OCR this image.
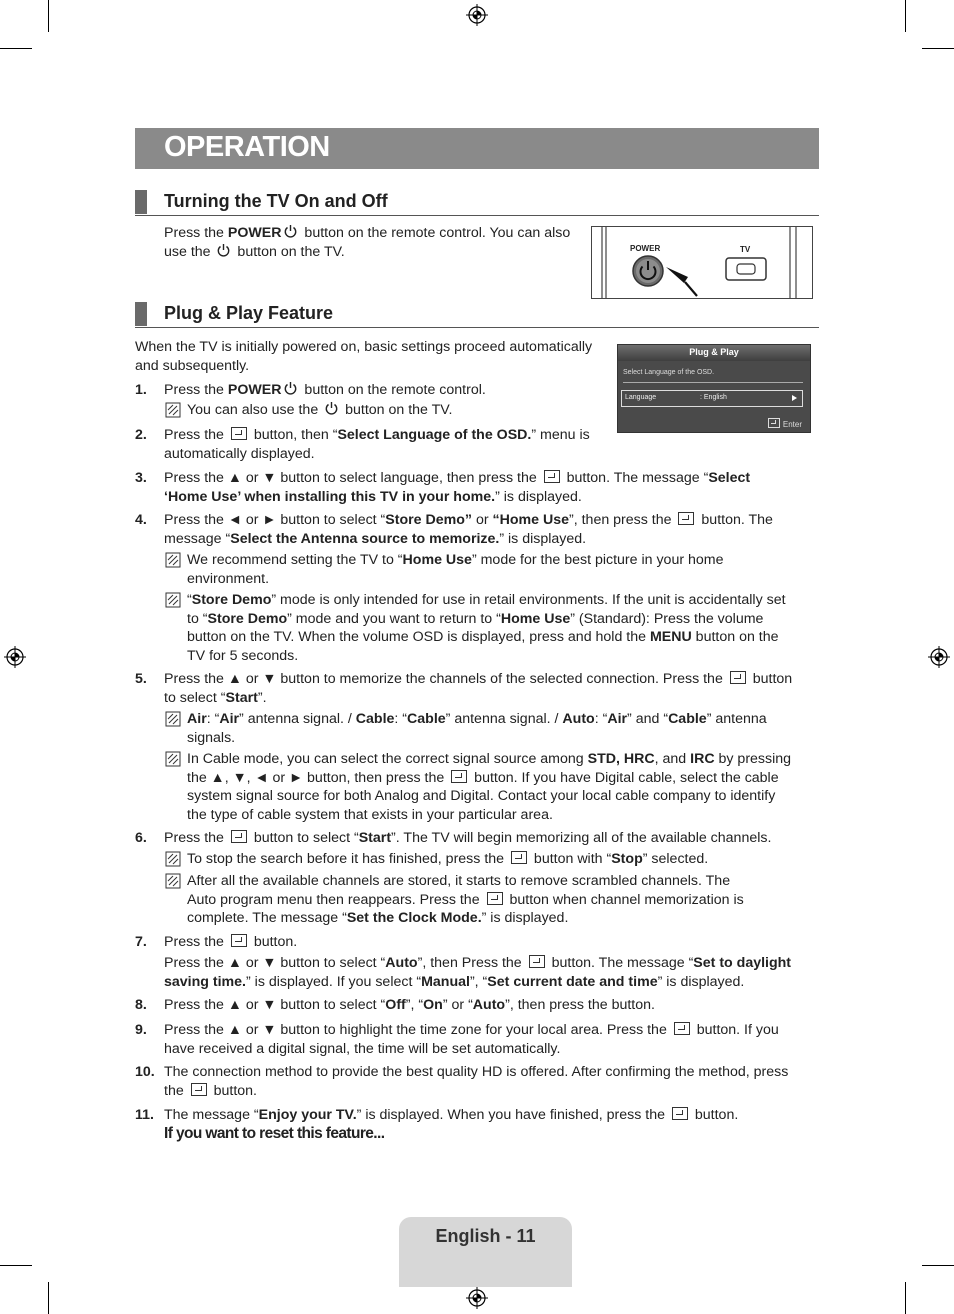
OPERATION
Turning the TV On and Off
Press the POWER button on the remote control. You can also
use the  button on the TV.	POWER	TV
Plug & Play Feature
Plug & Play
Select Language of the OSD.
Language	: English
Enter
When the TV is initially powered on, basic settings proceed automatically
and subsequently.
1. Press the POWER button on the remote control.
You can also use the  button on the TV.
2. Press the  button, then “Select Language of the OSD.” menu is
automatically displayed.
3. Press the ▲ or ▼ button to select language, then press the  button. The message “Select
‘Home Use’ when installing this TV in your home.” is displayed.
4. Press the ◄ or ► button to select “Store Demo” or “Home Use”, then press the  button. The
message “Select the Antenna source to memorize.” is displayed.
We recommend setting the TV to “Home Use” mode for the best picture in your home
environment.
“Store Demo” mode is only intended for use in retail environments. If the unit is accidentally set
to “Store Demo” mode and you want to return to “Home Use” (Standard): Press the volume
button on the TV. When the volume OSD is displayed, press and hold the MENU button on the
TV for 5 seconds.
5. Press the ▲ or ▼ button to memorize the channels of the selected connection. Press the  button
to select “Start”.
Air: “Air” antenna signal. / Cable: “Cable” antenna signal. / Auto: “Air” and “Cable” antenna
signals.
In Cable mode, you can select the correct signal source among STD, HRC, and IRC by pressing
the ▲, ▼, ◄ or ► button, then press the  button. If you have Digital cable, select the cable
system signal source for both Analog and Digital. Contact your local cable company to identify
the type of cable system that exists in your particular area.
6. Press the  button to select “Start”. The TV will begin memorizing all of the available channels.
To stop the search before it has finished, press the  button with “Stop” selected.
After all the available channels are stored, it starts to remove scrambled channels. The
Auto program menu then reappears. Press the  button when channel memorization is
complete. The message “Set the Clock Mode.” is displayed.
7. Press the  button.
Press the ▲ or ▼ button to select “Auto”, then Press the  button. The message “Set to daylight
saving time.” is displayed. If you select “Manual”, “Set current date and time” is displayed.
8. Press the ▲ or ▼ button to select “Off”, “On” or “Auto”, then press the button.
9. Press the ▲ or ▼ button to highlight the time zone for your local area. Press the  button. If you
have received a digital signal, the time will be set automatically.
10. The connection method to provide the best quality HD is offered. After confirming the method, press
the  button.
11. The message “Enjoy your TV.” is displayed. When you have finished, press the  button.
If you want to reset this feature...
English - 11
